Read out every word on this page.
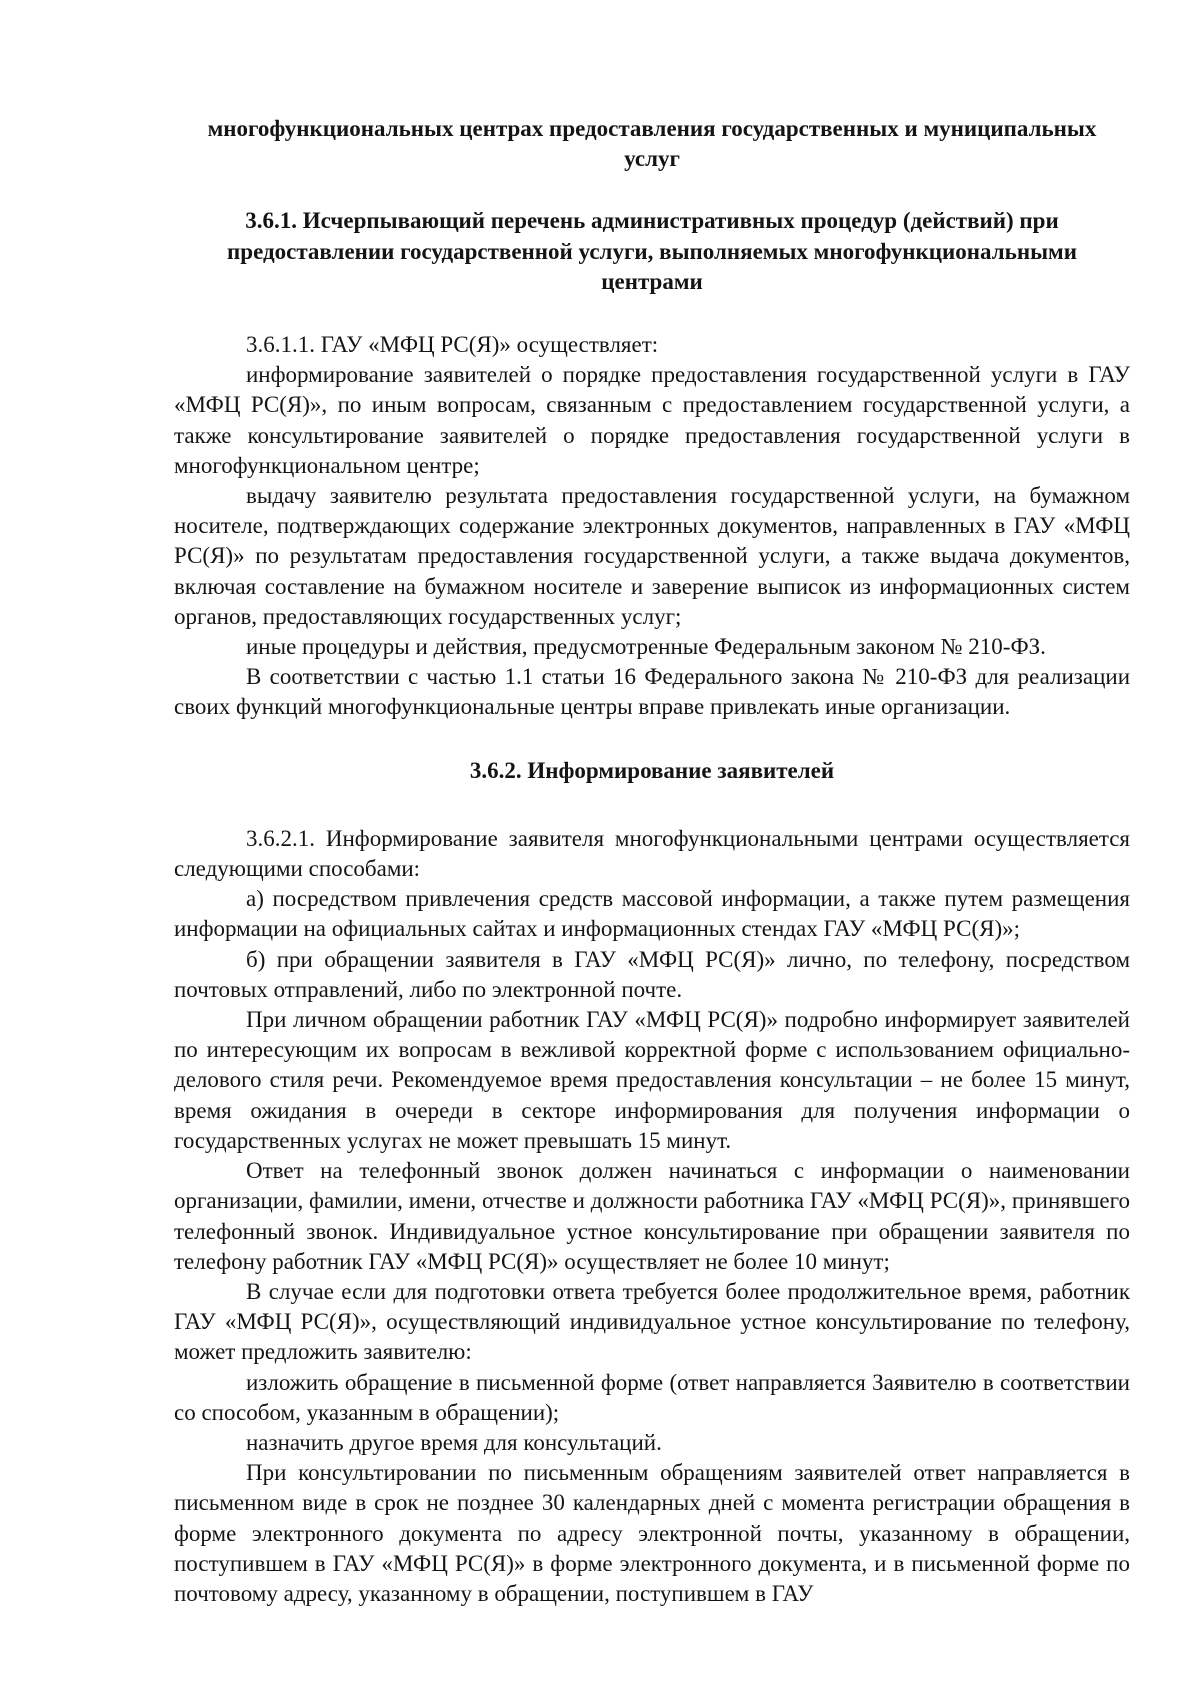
многофункциональных центрах предоставления государственных и муниципальных услуг

3.6.1. Исчерпывающий перечень административных процедур (действий) при предоставлении государственной услуги, выполняемых многофункциональными центрами

3.6.1.1. ГАУ «МФЦ РС(Я)» осуществляет:

информирование заявителей о порядке предоставления государственной услуги в ГАУ «МФЦ РС(Я)», по иным вопросам, связанным с предоставлением государственной услуги, а также консультирование заявителей о порядке предоставления государственной услуги в многофункциональном центре;

выдачу заявителю результата предоставления государственной услуги, на бумажном носителе, подтверждающих содержание электронных документов, направленных в ГАУ «МФЦ РС(Я)» по результатам предоставления государственной услуги, а также выдача документов, включая составление на бумажном носителе и заверение выписок из информационных систем органов, предоставляющих государственных услуг;

иные процедуры и действия, предусмотренные Федеральным законом № 210-ФЗ.

В соответствии с частью 1.1 статьи 16 Федерального закона № 210-ФЗ для реализации своих функций многофункциональные центры вправе привлекать иные организации.

3.6.2. Информирование заявителей

3.6.2.1. Информирование заявителя многофункциональными центрами осуществляется следующими способами:

а) посредством привлечения средств массовой информации, а также путем размещения информации на официальных сайтах и информационных стендах ГАУ «МФЦ РС(Я)»;

б) при обращении заявителя в ГАУ «МФЦ РС(Я)» лично, по телефону, посредством почтовых отправлений, либо по электронной почте.

При личном обращении работник ГАУ «МФЦ РС(Я)» подробно информирует заявителей по интересующим их вопросам в вежливой корректной форме с использованием официально-делового стиля речи. Рекомендуемое время предоставления консультации – не более 15 минут, время ожидания в очереди в секторе информирования для получения информации о государственных услугах не может превышать 15 минут.

Ответ на телефонный звонок должен начинаться с информации о наименовании организации, фамилии, имени, отчестве и должности работника ГАУ «МФЦ РС(Я)», принявшего телефонный звонок. Индивидуальное устное консультирование при обращении заявителя по телефону работник ГАУ «МФЦ РС(Я)» осуществляет не более 10 минут;

В случае если для подготовки ответа требуется более продолжительное время, работник ГАУ «МФЦ РС(Я)», осуществляющий индивидуальное устное консультирование по телефону, может предложить заявителю:

изложить обращение в письменной форме (ответ направляется Заявителю в соответствии со способом, указанным в обращении);

назначить другое время для консультаций.

При консультировании по письменным обращениям заявителей ответ направляется в письменном виде в срок не позднее 30 календарных дней с момента регистрации обращения в форме электронного документа по адресу электронной почты, указанному в обращении, поступившем в ГАУ «МФЦ РС(Я)» в форме электронного документа, и в письменной форме по почтовому адресу, указанному в обращении, поступившем в ГАУ
